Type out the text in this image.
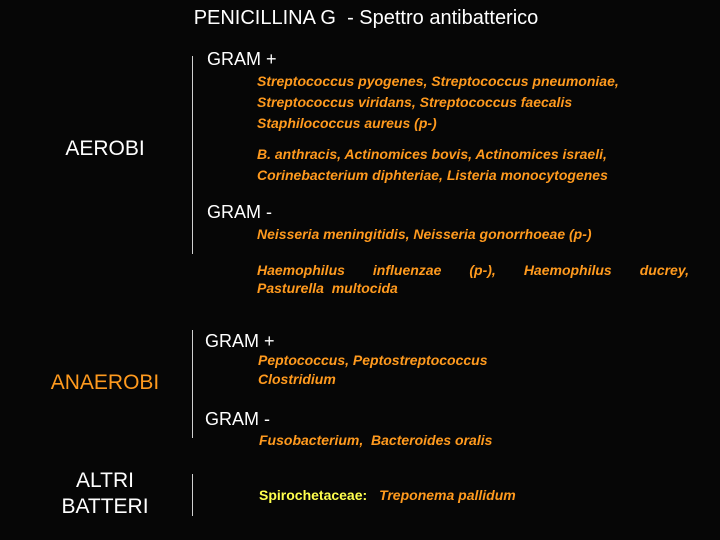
PENICILLINA G  - Spettro antibatterico
AEROBI
GRAM +
Streptococcus pyogenes, Streptococcus pneumoniae,
Streptococcus viridans, Streptococcus faecalis
Staphilococcus aureus (p-)
B. anthracis, Actinomices bovis, Actinomices israeli,
Corinebacterium diphteriae, Listeria monocytogenes
GRAM -
Neisseria meningitidis, Neisseria gonorrhoeae (p-)
Haemophilus influenzae (p-), Haemophilus ducrey,
Pasturella  multocida
ANAEROBI
GRAM +
Peptococcus, Peptostreptococcus
Clostridium
GRAM -
Fusobacterium,  Bacteroides oralis
ALTRI
BATTERI	Spirochetaceae: Treponema pallidum
